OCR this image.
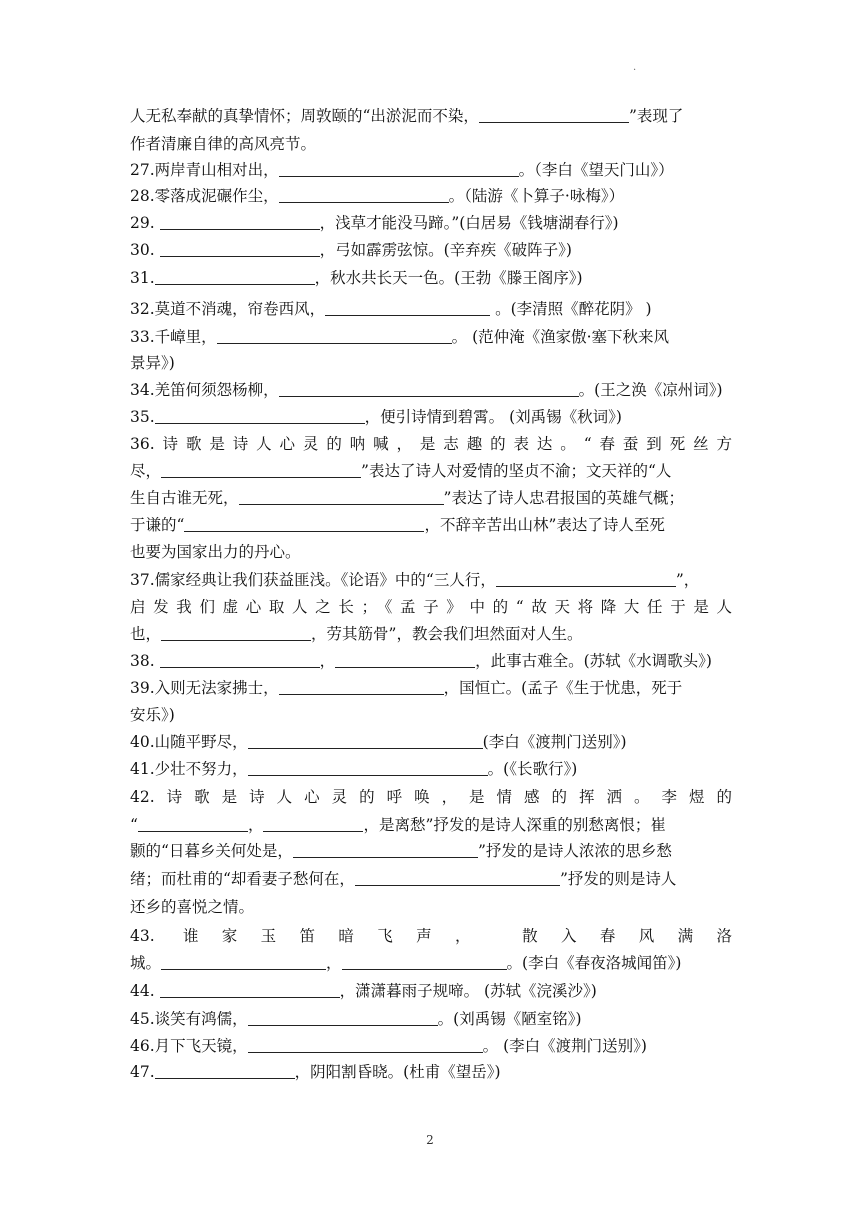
.
人无私奉献的真挚情怀；周敦颐的“出淤泥而不染，	”表现了
作者清廉自律的高风亮节。
27.两岸青山相对出，	。（李白《望天门山》）
28.零落成泥碾作尘，	。（陆游《卜算子·咏梅》）
29.	，浅草才能没马蹄。”(白居易《钱塘湖春行》)
30.	，弓如霹雳弦惊。(辛弃疾《破阵子》)
31.	，秋水共长天一色。(王勃《滕王阁序》)
32.莫道不消魂，帘卷西风，	。(李清照《醉花阴》 )
33.千嶂里，	。 (范仲淹《渔家傲·塞下秋来风
景异》)
34.羌笛何须怨杨柳，	。(王之涣《凉州词》)
35.	，便引诗情到碧霄。 (刘禹锡《秋词》)
36.诗歌是诗人心灵的呐喊，是志趣的表达。“春蚕到死丝方
尽，	”表达了诗人对爱情的坚贞不渝；文天祥的“人
生自古谁无死，	”表达了诗人忠君报国的英雄气概；
于谦的“	，不辞辛苦出山林”表达了诗人至死
也要为国家出力的丹心。
37.儒家经典让我们获益匪浅。《论语》中的“三人行，	”，
启发我们虚心取人之长；《孟子》中的“故天将降大任于是人
也，	，劳其筋骨”，教会我们坦然面对人生。
38.	，	，此事古难全。(苏轼《水调歌头》)
39.入则无法家拂士，	，国恒亡。(孟子《生于忧患，死于
安乐》)
40.山随平野尽，	(李白《渡荆门送别》)
41.少壮不努力，	。(《长歌行》)
42.诗歌是诗人心灵的呼唤，是情感的挥洒。李煜的
“	，	，是离愁”抒发的是诗人深重的别愁离恨；崔
颢的“日暮乡关何处是，	”抒发的是诗人浓浓的思乡愁
绪；而杜甫的“却看妻子愁何在，	”抒发的则是诗人
还乡的喜悦之情。
43. 谁家玉笛暗飞声， 散入春风满洛
城。	，	。(李白《春夜洛城闻笛》)
44.	，潇潇暮雨子规啼。 (苏轼《浣溪沙》)
45.谈笑有鸿儒，	。(刘禹锡《陋室铭》)
46.月下飞天镜，	。 (李白《渡荆门送别》)
47.	，阴阳割昏晓。(杜甫《望岳》)
2
